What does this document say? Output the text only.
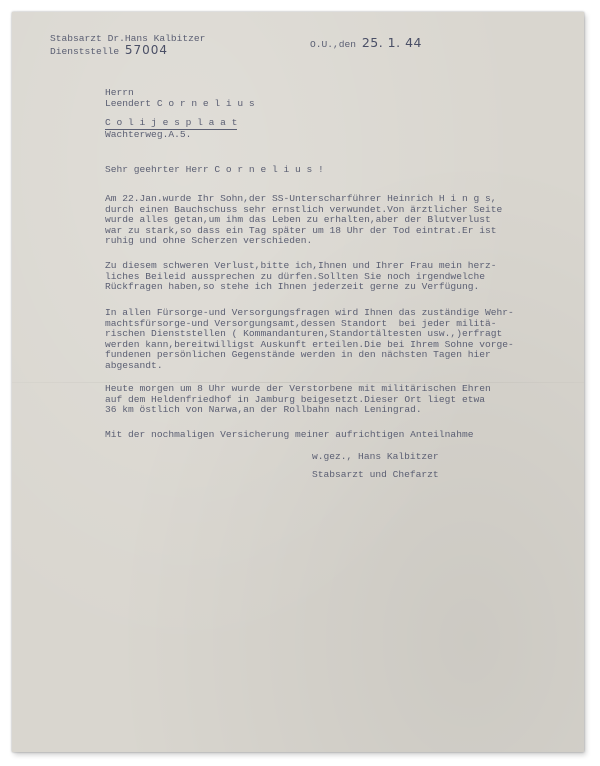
Stabsarzt Dr.Hans Kalbitzer
Dienststelle 57004	O.U.,den 25. 1. 44
Herrn
Leendert C o r n e l i u s
C o l i j e s p l a a t
Wachterweg.A.5.
Sehr geehrter Herr C o r n e l i u s !
Am 22.Jan.wurde Ihr Sohn,der SS-Unterscharführer Heinrich H i n g s,
durch einen Bauchschuss sehr ernstlich verwundet.Von ärztlicher Seite
wurde alles getan,um ihm das Leben zu erhalten,aber der Blutverlust
war zu stark,so dass ein Tag später um 18 Uhr der Tod eintrat.Er ist
ruhig und ohne Scherzen verschieden.
Zu diesem schweren Verlust,bitte ich,Ihnen und Ihrer Frau mein herz-
liches Beileid aussprechen zu dürfen.Sollten Sie noch irgendwelche
Rückfragen haben,so stehe ich Ihnen jederzeit gerne zu Verfügung.
In allen Fürsorge-und Versorgungsfragen wird Ihnen das zuständige Wehr-
machtsfürsorge-und Versorgungsamt,dessen Standort  bei jeder militä-
rischen Dienststellen ( Kommandanturen,Standortältesten usw.,)erfragt
werden kann,bereitwilligst Auskunft erteilen.Die bei Ihrem Sohne vorge-
fundenen persönlichen Gegenstände werden in den nächsten Tagen hier
abgesandt.
Heute morgen um 8 Uhr wurde der Verstorbene mit militärischen Ehren
auf dem Heldenfriedhof in Jamburg beigesetzt.Dieser Ort liegt etwa
36 km östlich von Narwa,an der Rollbahn nach Leningrad.
Mit der nochmaligen Versicherung meiner aufrichtigen Anteilnahme
w.gez., Hans Kalbitzer
Stabsarzt und Chefarzt
